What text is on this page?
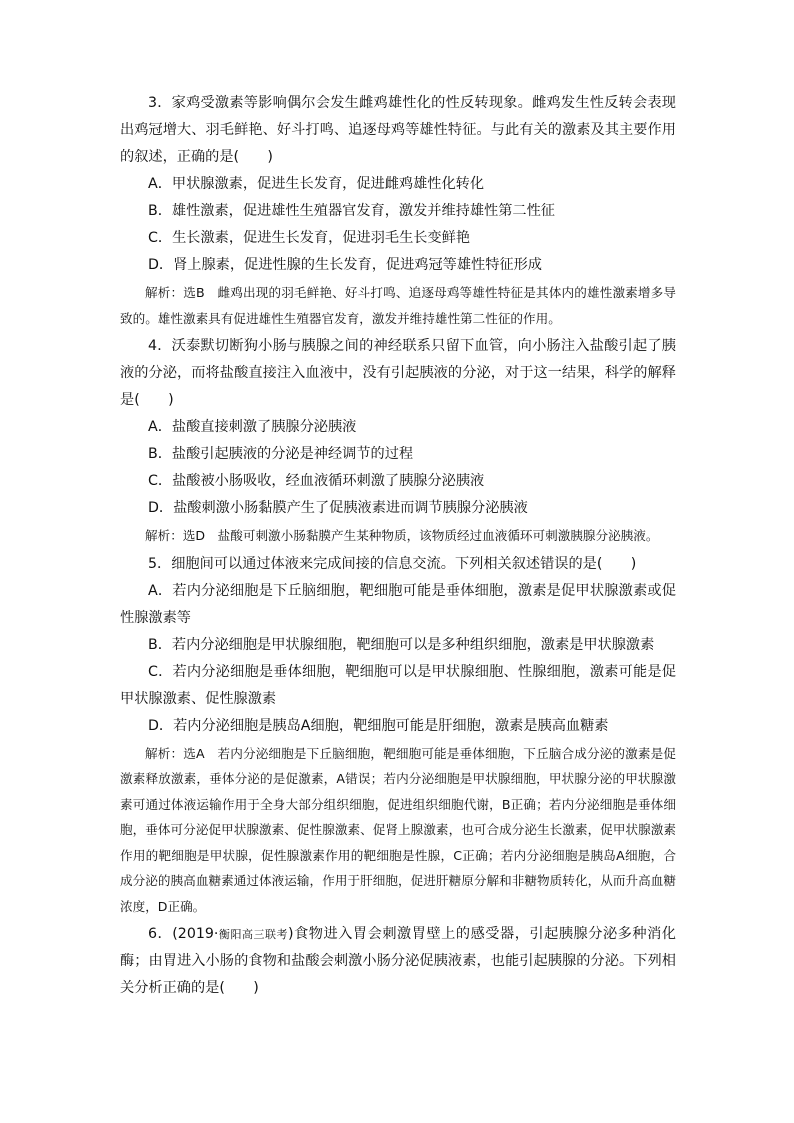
3．家鸡受激素等影响偶尔会发生雌鸡雄性化的性反转现象。雌鸡发生性反转会表现出鸡冠增大、羽毛鲜艳、好斗打鸣、追逐母鸡等雄性特征。与此有关的激素及其主要作用的叙述，正确的是(　　)

A．甲状腺激素，促进生长发育，促进雌鸡雄性化转化

B．雄性激素，促进雄性生殖器官发育，激发并维持雄性第二性征

C．生长激素，促进生长发育，促进羽毛生长变鲜艳

D．肾上腺素，促进性腺的生长发育，促进鸡冠等雄性特征形成

解析：选B　雌鸡出现的羽毛鲜艳、好斗打鸣、追逐母鸡等雄性特征是其体内的雄性激素增多导致的。雄性激素具有促进雄性生殖器官发育，激发并维持雄性第二性征的作用。

4．沃泰默切断狗小肠与胰腺之间的神经联系只留下血管，向小肠注入盐酸引起了胰液的分泌，而将盐酸直接注入血液中，没有引起胰液的分泌，对于这一结果，科学的解释是(　　)

A．盐酸直接刺激了胰腺分泌胰液

B．盐酸引起胰液的分泌是神经调节的过程

C．盐酸被小肠吸收，经血液循环刺激了胰腺分泌胰液

D．盐酸刺激小肠黏膜产生了促胰液素进而调节胰腺分泌胰液

解析：选D　盐酸可刺激小肠黏膜产生某种物质，该物质经过血液循环可刺激胰腺分泌胰液。

5．细胞间可以通过体液来完成间接的信息交流。下列相关叙述错误的是(　　)

A．若内分泌细胞是下丘脑细胞，靶细胞可能是垂体细胞，激素是促甲状腺激素或促性腺激素等

B．若内分泌细胞是甲状腺细胞，靶细胞可以是多种组织细胞，激素是甲状腺激素

C．若内分泌细胞是垂体细胞，靶细胞可以是甲状腺细胞、性腺细胞，激素可能是促甲状腺激素、促性腺激素

D．若内分泌细胞是胰岛A细胞，靶细胞可能是肝细胞，激素是胰高血糖素

解析：选A　若内分泌细胞是下丘脑细胞，靶细胞可能是垂体细胞，下丘脑合成分泌的激素是促激素释放激素，垂体分泌的是促激素，A错误；若内分泌细胞是甲状腺细胞，甲状腺分泌的甲状腺激素可通过体液运输作用于全身大部分组织细胞，促进组织细胞代谢，B正确；若内分泌细胞是垂体细胞，垂体可分泌促甲状腺激素、促性腺激素、促肾上腺激素，也可合成分泌生长激素，促甲状腺激素作用的靶细胞是甲状腺，促性腺激素作用的靶细胞是性腺，C正确；若内分泌细胞是胰岛A细胞，合成分泌的胰高血糖素通过体液运输，作用于肝细胞，促进肝糖原分解和非糖物质转化，从而升高血糖浓度，D正确。

6．(2019·衡阳高三联考)食物进入胃会刺激胃壁上的感受器，引起胰腺分泌多种消化酶；由胃进入小肠的食物和盐酸会刺激小肠分泌促胰液素，也能引起胰腺的分泌。下列相关分析正确的是(　　)
